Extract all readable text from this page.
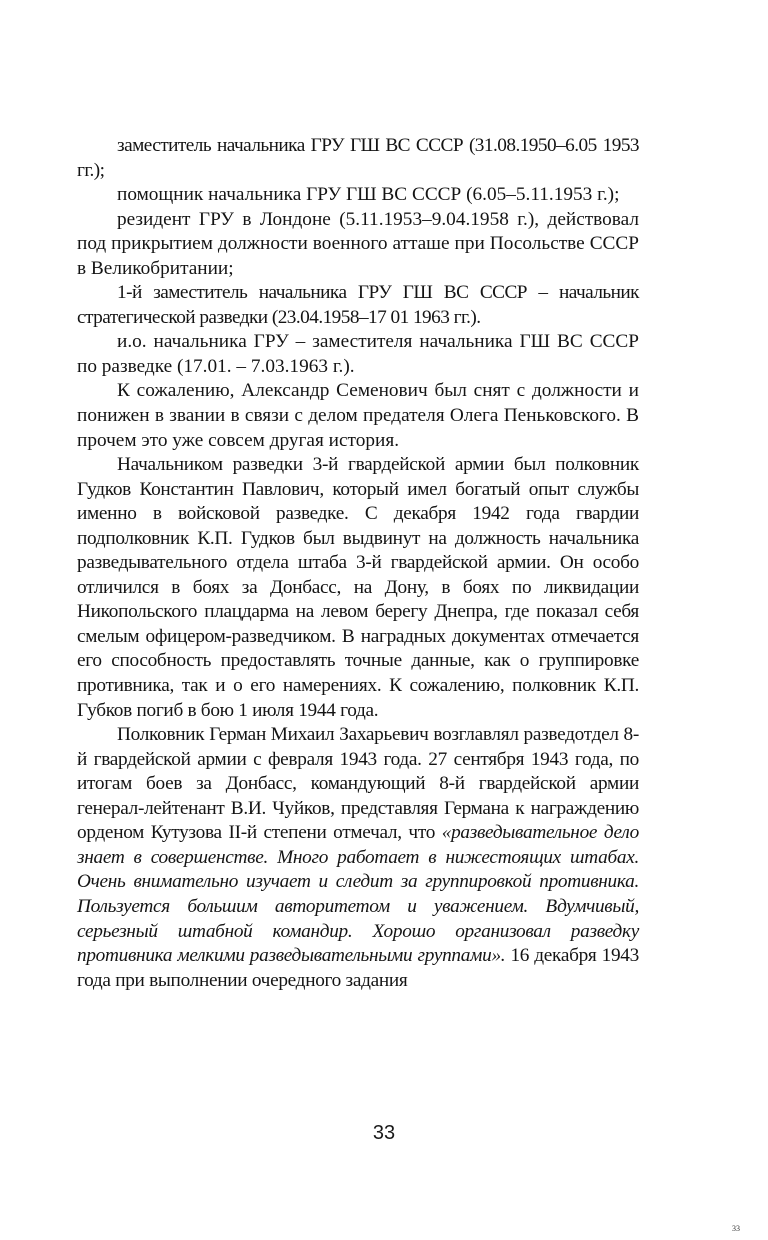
заместитель начальника ГРУ ГШ ВС СССР (31.08.1950–6.05 1953 гг.);

помощник начальника ГРУ ГШ ВС СССР (6.05–5.11.1953 г.);

резидент ГРУ в Лондоне (5.11.1953–9.04.1958 г.), действовал под прикрытием должности военного атташе при Посольстве СССР в Великобритании;

1-й заместитель начальника ГРУ ГШ ВС СССР – начальник стратегической разведки (23.04.1958–17 01 1963 гг.).

и.о. начальника ГРУ – заместителя начальника ГШ ВС СССР по разведке (17.01. – 7.03.1963 г.).

К сожалению, Александр Семенович был снят с должности и понижен в звании в связи с делом предателя Олега Пеньковского. В прочем это уже совсем другая история.

Начальником разведки 3-й гвардейской армии был полковник Гудков Константин Павлович, который имел богатый опыт службы именно в войсковой разведке. С декабря 1942 года гвардии подполковник К.П. Гудков был выдвинут на должность начальника разведывательного отдела штаба 3-й гвардейской армии. Он особо отличился в боях за Донбасс, на Дону, в боях по ликвидации Никопольского плацдарма на левом берегу Днепра, где показал себя смелым офицером-разведчиком. В наградных документах отмечается его способность предоставлять точные данные, как о группировке противника, так и о его намерениях. К сожалению, полковник К.П. Губков погиб в бою 1 июля 1944 года.

Полковник Герман Михаил Захарьевич возглавлял разведотдел 8-й гвардейской армии с февраля 1943 года. 27 сентября 1943 года, по итогам боев за Донбасс, командующий 8-й гвардейской армии генерал-лейтенант В.И. Чуйков, представляя Германа к награждению орденом Кутузова II-й степени отмечал, что «разведывательное дело знает в совершенстве. Много работает в нижестоящих штабах. Очень внимательно изучает и следит за группировкой противника. Пользуется большим авторитетом и уважением. Вдумчивый, серьезный штабной командир. Хорошо организовал разведку противника мелкими разведывательными группами». 16 декабря 1943 года при выполнении очередного задания

33
33
